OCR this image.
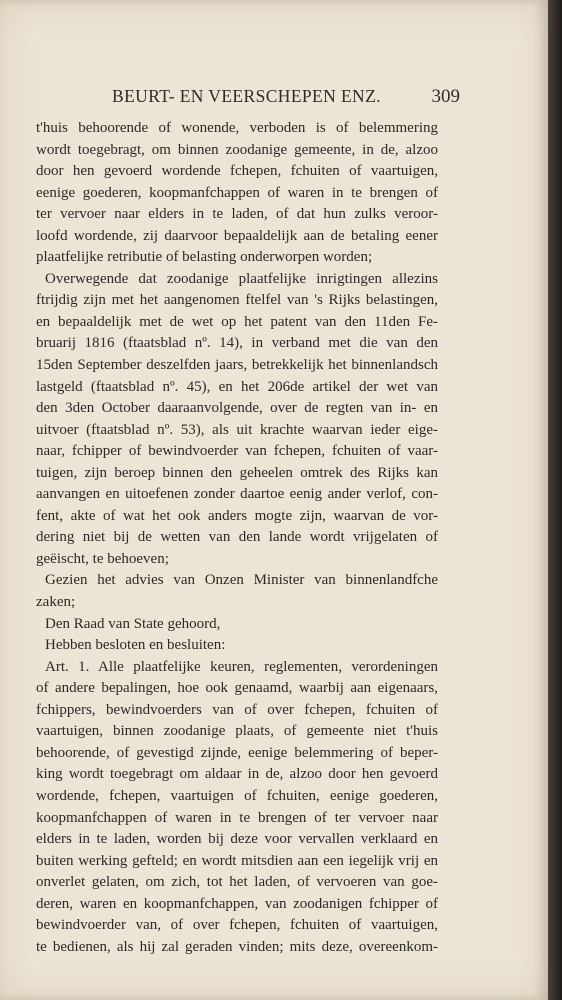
BEURT- EN VEERSCHEPEN ENZ.	309
t'huis behoorende of wonende, verboden is of belemmering
wordt toegebragt, om binnen zoodanige gemeente, in de, alzoo
door hen gevoerd wordende fchepen, fchuiten of vaartuigen,
eenige goederen, koopmanfchappen of waren in te brengen of
ter vervoer naar elders in te laden, of dat hun zulks veroor-
loofd wordende, zij daarvoor bepaaldelijk aan de betaling eener
plaatfelijke retributie of belasting onderworpen worden;
Overwegende dat zoodanige plaatfelijke inrigtingen allezins
ftrijdig zijn met het aangenomen ftelfel van 's Rijks belastingen,
en bepaaldelijk met de wet op het patent van den 11den Fe-
bruarij 1816 (ftaatsblad nº. 14), in verband met die van den
15den September deszelfden jaars, betrekkelijk het binnenlandsch
lastgeld (ftaatsblad nº. 45), en het 206de artikel der wet van
den 3den October daaraanvolgende, over de regten van in- en
uitvoer (ftaatsblad nº. 53), als uit krachte waarvan ieder eige-
naar, fchipper of bewindvoerder van fchepen, fchuiten of vaar-
tuigen, zijn beroep binnen den geheelen omtrek des Rijks kan
aanvangen en uitoefenen zonder daartoe eenig ander verlof, con-
fent, akte of wat het ook anders mogte zijn, waarvan de vor-
dering niet bij de wetten van den lande wordt vrijgelaten of
geëischt, te behoeven;
Gezien het advies van Onzen Minister van binnenlandfche
zaken;
Den Raad van State gehoord,
Hebben besloten en besluiten:
Art. 1. Alle plaatfelijke keuren, reglementen, verordeningen
of andere bepalingen, hoe ook genaamd, waarbij aan eigenaars,
fchippers, bewindvoerders van of over fchepen, fchuiten of
vaartuigen, binnen zoodanige plaats, of gemeente niet t'huis
behoorende, of gevestigd zijnde, eenige belemmering of beper-
king wordt toegebragt om aldaar in de, alzoo door hen gevoerd
wordende, fchepen, vaartuigen of fchuiten, eenige goederen,
koopmanfchappen of waren in te brengen of ter vervoer naar
elders in te laden, worden bij deze voor vervallen verklaard en
buiten werking gefteld; en wordt mitsdien aan een iegelijk vrij en
onverlet gelaten, om zich, tot het laden, of vervoeren van goe-
deren, waren en koopmanfchappen, van zoodanigen fchipper of
bewindvoerder van, of over fchepen, fchuiten of vaartuigen,
te bedienen, als hij zal geraden vinden; mits deze, overeenkom-
